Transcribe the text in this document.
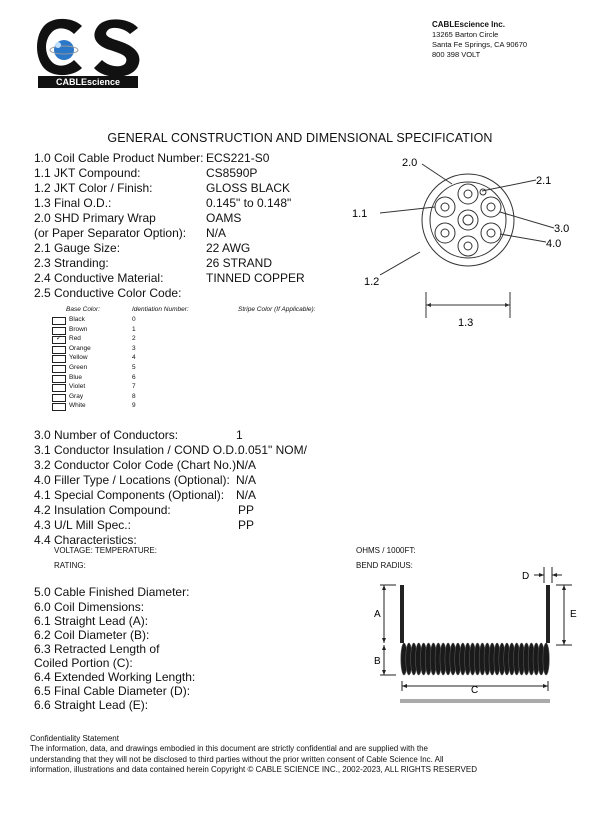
CABLEscience
CABLEscience Inc.
13265 Barton Circle
Santa Fe Springs, CA 90670
800 398 VOLT
GENERAL CONSTRUCTION AND DIMENSIONAL SPECIFICATION
1.0 Coil Cable Product Number: ECS221-S0
1.1 JKT Compound:	CS8590P
1.2 JKT Color / Finish:	GLOSS BLACK
1.3 Final O.D.:	0.145" to 0.148"
2.0 SHD Primary Wrap	OAMS
(or Paper Separator Option): N/A
2.1 Gauge Size:	22 AWG
2.3 Stranding:	26 STRAND
2.4 Conductive Material:	TINNED COPPER
2.5 Conductive Color Code:
Base Color:	Identiation Number:	Stripe Color (If Applicable):
Black	0
Brown	1
✓
Red	2
Orange	3
Yellow	4
Green	5
Blue	6
Violet	7
Gray	8
White	9
3.0 Number of Conductors:	1
3.1 Conductor Insulation / COND O.D.:
0.051" NOM/
3.2 Conductor Color Code (Chart No.):
N/A
4.0 Filler Type / Locations (Optional): N/A
4.1 Special Components (Optional): N/A
4.2 Insulation Compound:	PP
4.3 U/L Mill Spec.:	PP
4.4 Characteristics:
VOLTAGE: TEMPERATURE:
RATING:
OHMS / 1000FT:
BEND RADIUS:
5.0 Cable Finished Diameter:
6.0 Coil Dimensions:
6.1 Straight Lead (A):
6.2 Coil Diameter (B):
6.3 Retracted Length of
Coiled Portion (C):
6.4 Extended Working Length:
6.5 Final Cable Diameter (D):
6.6 Straight Lead (E):
2.0
2.1
1.1
3.0
4.0
1.2
1.3
A
B
C
D
E
Confidentiality Statement
The information, data, and drawings embodied in this document are strictly confidential and are supplied with the
understanding that they will not be disclosed to third parties without the prior written consent of Cable Science Inc. All
information, illustrations and data contained herein Copyright © CABLE SCIENCE INC., 2002-2023, ALL RIGHTS RESERVED
